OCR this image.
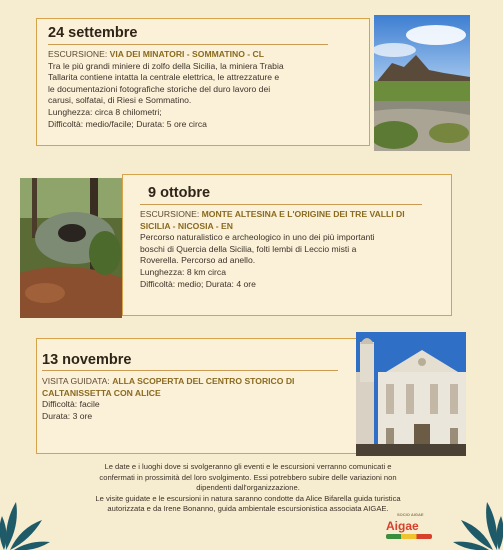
24 settembre
ESCURSIONE: VIA DEI MINATORI - SOMMATINO - CL
Tra le più grandi miniere di zolfo della Sicilia, la miniera Trabia
Tallarita contiene intatta la centrale elettrica, le attrezzature e
le documentazioni fotografiche storiche del duro lavoro dei
carusi, solfatai, di Riesi e Sommatino.
Lunghezza: circa 8 chilometri;
Difficoltà: medio/facile; Durata: 5 ore circa
9 ottobre
ESCURSIONE: MONTE ALTESINA E L'ORIGINE DEI TRE VALLI DI
SICILIA - NICOSIA - EN
Percorso naturalistico e archeologico in uno dei più importanti
boschi di Quercia della Sicilia, folti lembi di Leccio misti a
Roverella. Percorso ad anello.
Lunghezza: 8 km circa
Difficoltà: medio; Durata: 4 ore
13 novembre
VISITA GUIDATA: ALLA SCOPERTA DEL CENTRO STORICO DI
CALTANISSETTA CON ALICE
Difficoltà: facile
Durata: 3 ore
Le date e i luoghi dove si svolgeranno gli eventi e le escursioni verranno comunicati e
confermati in prossimità del loro svolgimento. Essi potrebbero subire delle variazioni non
dipendenti dall'organizzazione.
Le visite guidate e le escursioni in natura saranno condotte da Alice Bifarella guida turistica
autorizzata e da Irene Bonanno, guida ambientale escursionistica associata AIGAE.
SOCIO AIGAE
Aigae
